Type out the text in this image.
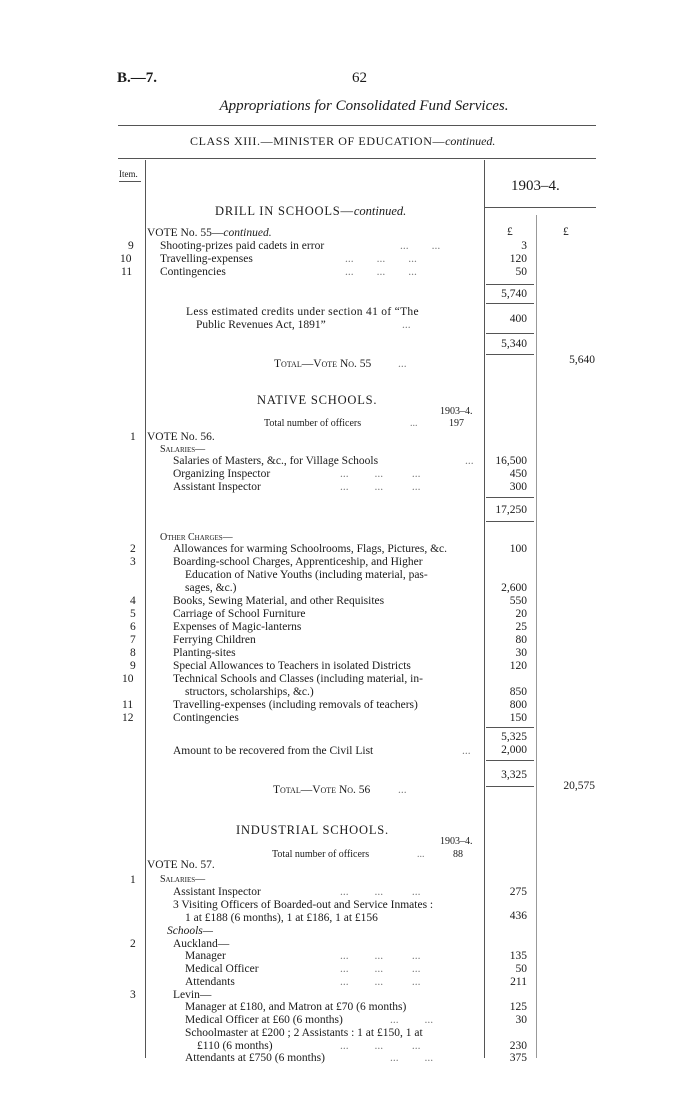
B.—7.	62
Appropriations for Consolidated Fund Services.
CLASS XIII.—MINISTER OF EDUCATION—continued.
Item.
1903–4.
DRILL IN SCHOOLS—continued.
VOTE No. 55—continued.	£	£
9 Shooting-prizes paid cadets in error	...        ...	3
10 Travelling-expenses	...        ...        ...	120
11 Contingencies	...        ...        ...	50
5,740
Less estimated credits under section 41 of “The
Public Revenues Act, 1891”	...	400
5,340
Total—Vote No. 55 ...	5,640
NATIVE SCHOOLS.
1903–4.
Total number of officers	...	197
1 VOTE No. 56.
Salaries—
Salaries of Masters, &c., for Village Schools	...	16,500
Organizing Inspector	...         ...          ...	450
Assistant Inspector	...         ...          ...	300
17,250
Other Charges—
2	Allowances for warming Schoolrooms, Flags, Pictures, &c.	100
3	Boarding-school Charges, Apprenticeship, and Higher
Education of Native Youths (including material, pas-
sages, &c.)	2,600
4	Books, Sewing Material, and other Requisites	550
5	Carriage of School Furniture	20
6	Expenses of Magic-lanterns	25
7	Ferrying Children	80
8	Planting-sites	30
9	Special Allowances to Teachers in isolated Districts	120
10	Technical Schools and Classes (including material, in-
structors, scholarships, &c.)	850
11	Travelling-expenses (including removals of teachers)	800
12	Contingencies	150
5,325
Amount to be recovered from the Civil List	...	2,000
3,325
Total—Vote No. 56 ...	20,575
INDUSTRIAL SCHOOLS.
1903–4.
Total number of officers	...	88
VOTE No. 57.
1 Salaries—
Assistant Inspector	...         ...          ...	275
3 Visiting Officers of Boarded-out and Service Inmates :
1 at £188 (6 months), 1 at £186, 1 at £156	436
Schools—
2	Auckland—
Manager	...         ...          ...	135
Medical Officer	...         ...          ...	50
Attendants	...         ...          ...	211
3	Levin—
Manager at £180, and Matron at £70 (6 months)	125
Medical Officer at £60 (6 months)	...         ...	30
Schoolmaster at £200 ; 2 Assistants : 1 at £150, 1 at
£110 (6 months)	...         ...          ...	230
Attendants at £750 (6 months)	...         ...	375
